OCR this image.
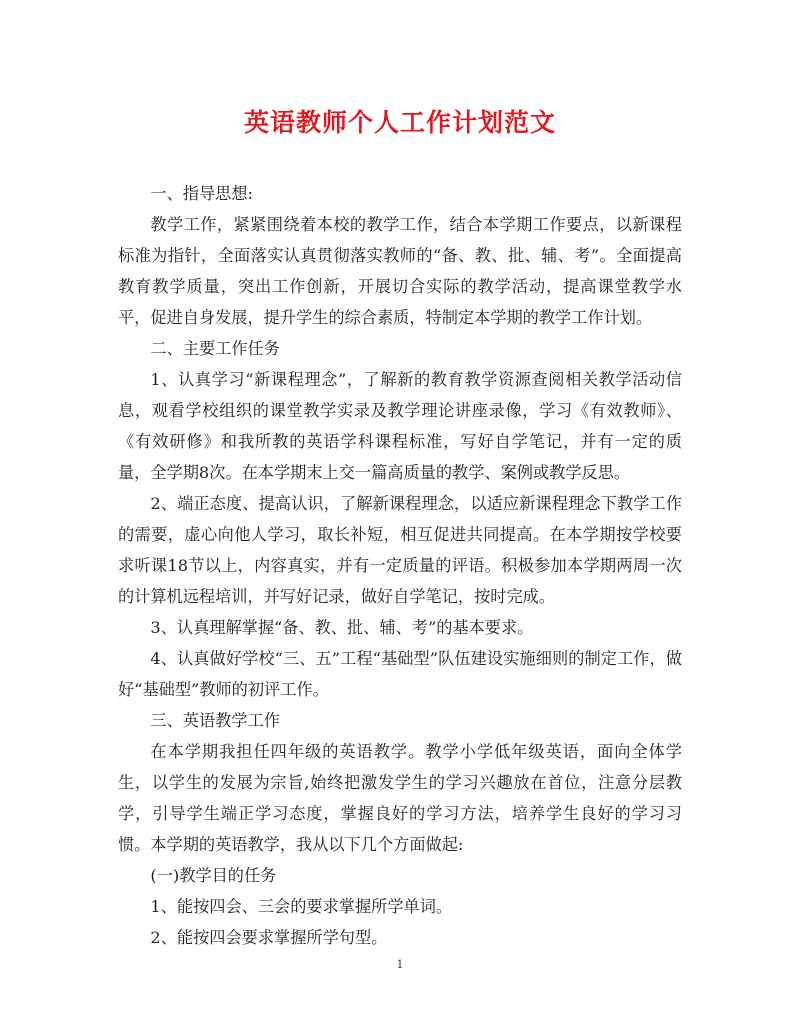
英语教师个人工作计划范文

一、指导思想:

教学工作，紧紧围绕着本校的教学工作，结合本学期工作要点，以新课程标准为指针，全面落实认真贯彻落实教师的“备、教、批、辅、考”。全面提高教育教学质量，突出工作创新，开展切合实际的教学活动，提高课堂教学水平，促进自身发展，提升学生的综合素质，特制定本学期的教学工作计划。

二、主要工作任务

1、认真学习“新课程理念”，了解新的教育教学资源查阅相关教学活动信息，观看学校组织的课堂教学实录及教学理论讲座录像，学习《有效教师》、《有效研修》和我所教的英语学科课程标准，写好自学笔记，并有一定的质量，全学期8次。在本学期末上交一篇高质量的教学、案例或教学反思。

2、端正态度、提高认识，了解新课程理念，以适应新课程理念下教学工作的需要，虚心向他人学习，取长补短，相互促进共同提高。在本学期按学校要求听课18节以上，内容真实，并有一定质量的评语。积极参加本学期两周一次的计算机远程培训，并写好记录，做好自学笔记，按时完成。

3、认真理解掌握“备、教、批、辅、考”的基本要求。

4、认真做好学校“三、五”工程“基础型”队伍建设实施细则的制定工作，做好“基础型”教师的初评工作。

三、英语教学工作

在本学期我担任四年级的英语教学。教学小学低年级英语，面向全体学生，以学生的发展为宗旨,始终把激发学生的学习兴趣放在首位，注意分层教学，引导学生端正学习态度，掌握良好的学习方法，培养学生良好的学习习惯。本学期的英语教学，我从以下几个方面做起:

(一)教学目的任务

1、能按四会、三会的要求掌握所学单词。

2、能按四会要求掌握所学句型。

1
